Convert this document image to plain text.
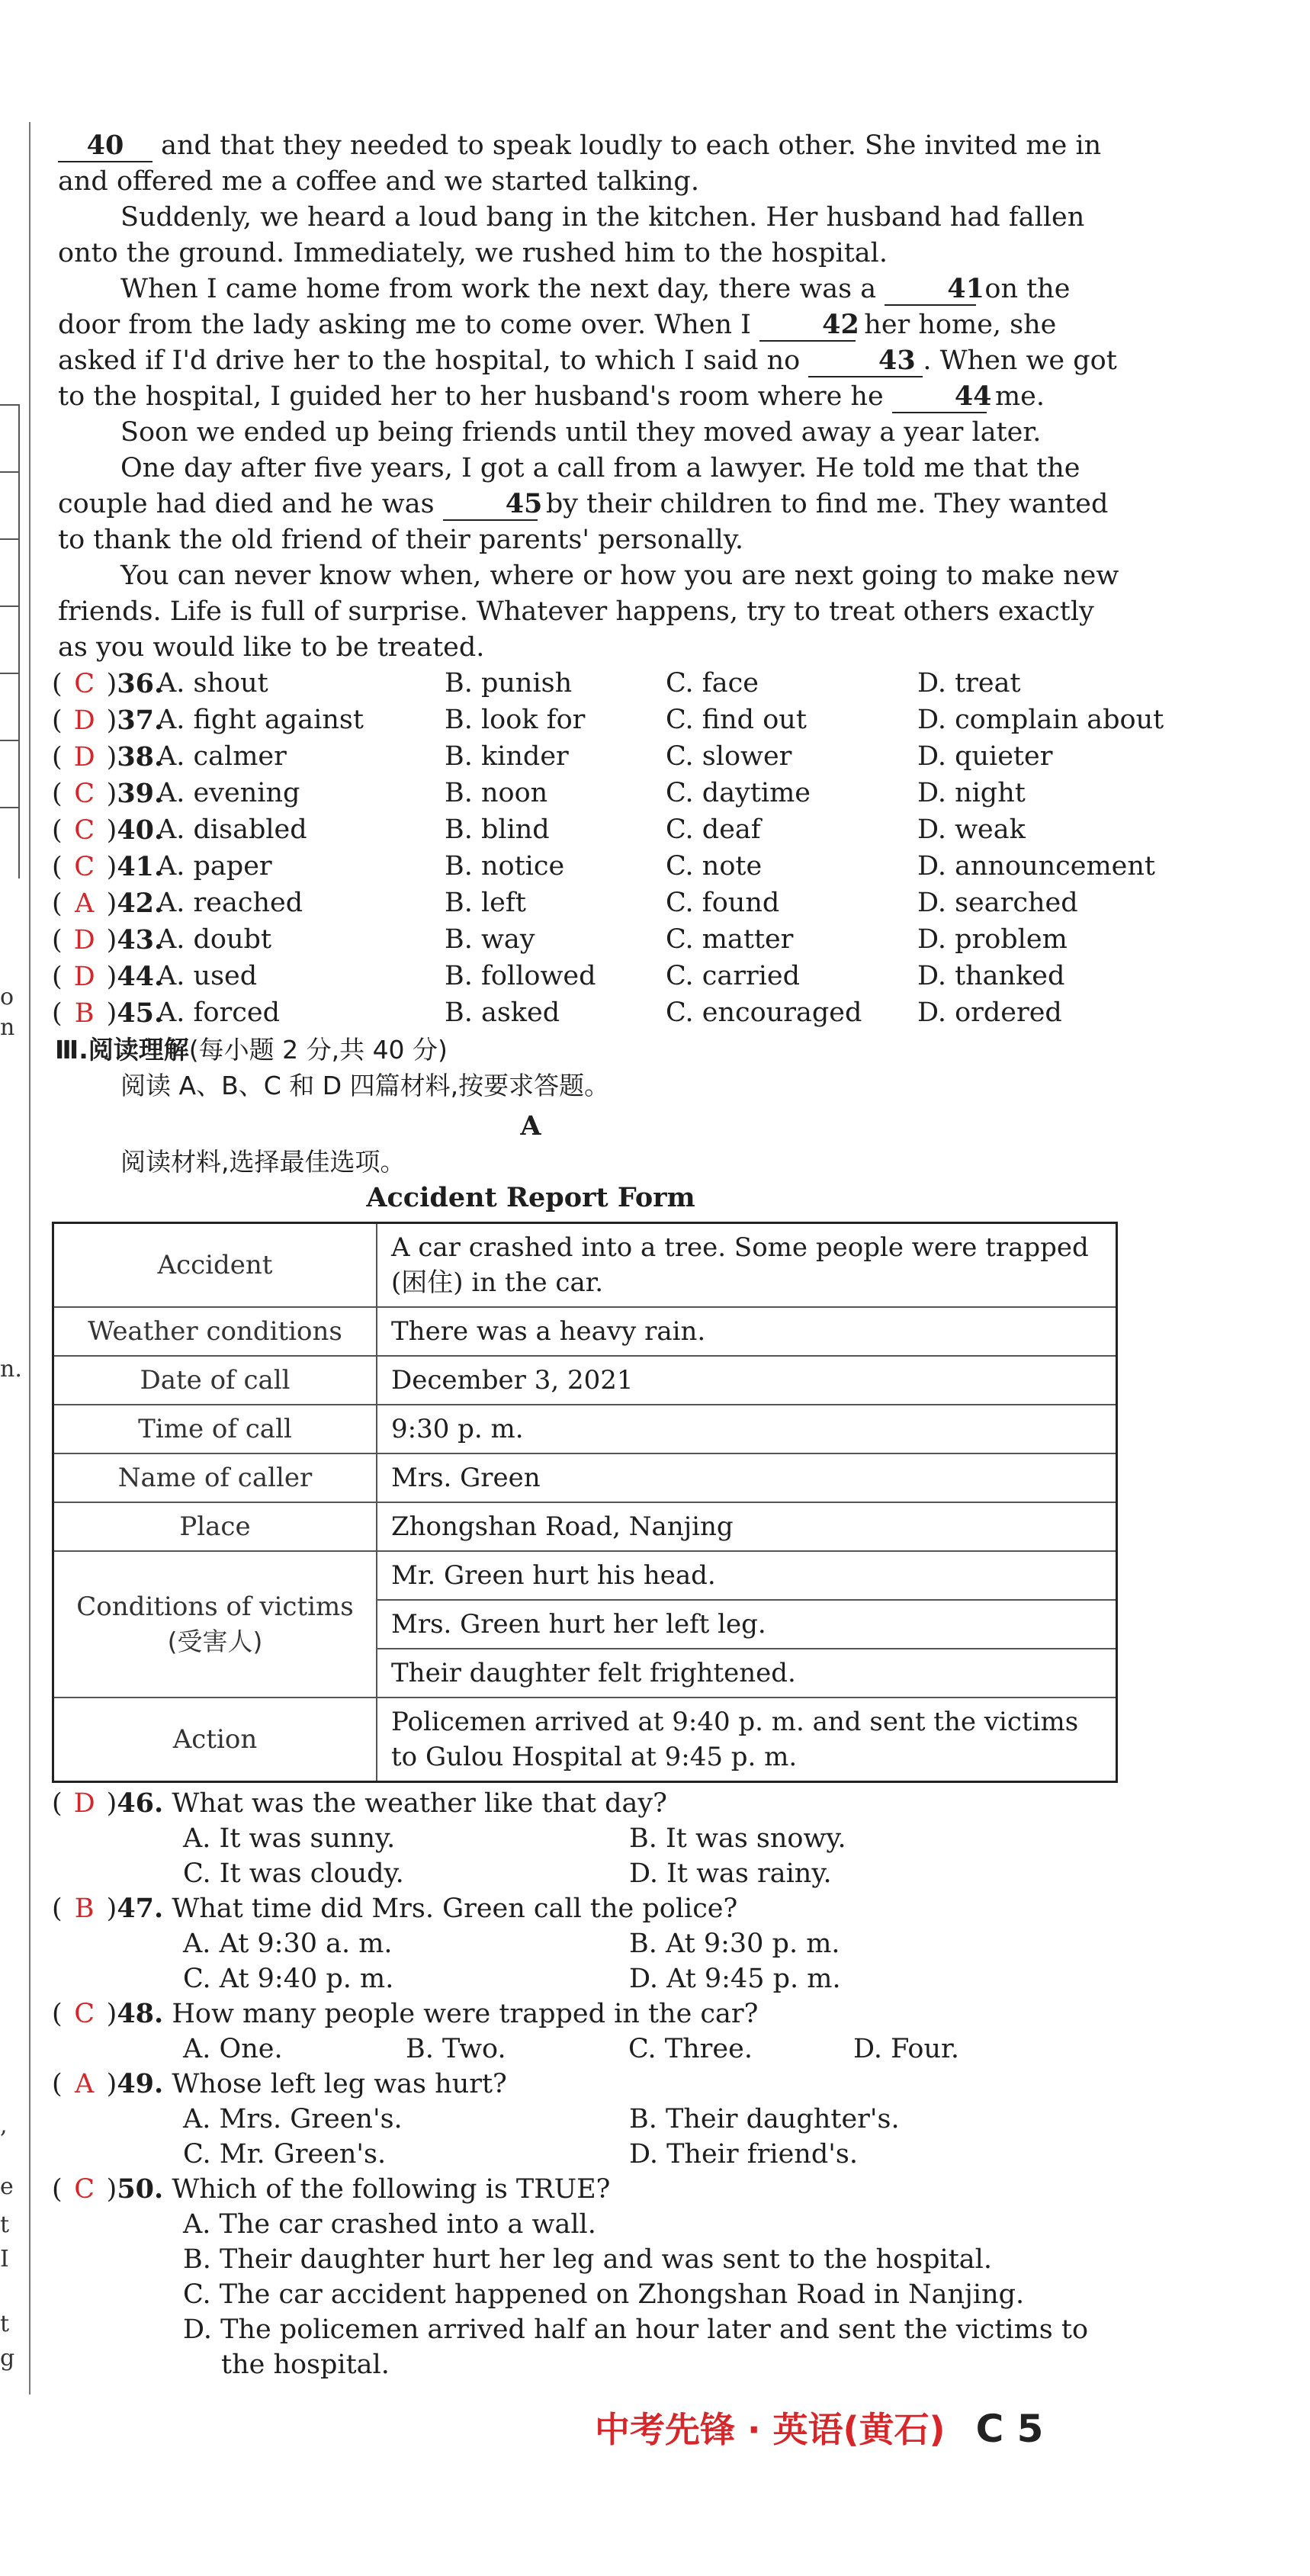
o
n
n.
,
e
t
I
t
g

40 and that they needed to speak loudly to each other. She invited me in and offered me a coffee and we started talking.

Suddenly, we heard a loud bang in the kitchen. Her husband had fallen onto the ground. Immediately, we rushed him to the hospital.

When I came home from work the next day, there was a	41 on the door from the lady asking me to come over. When I	42 her home, she asked if I'd drive her to the hospital, to which I said no	43 . When we got to the hospital, I guided her to her husband's room where he	44 me.

Soon we ended up being friends until they moved away a year later.

One day after five years, I got a call from a lawyer. He told me that the couple had died and he was	45 by their children to find me. They wanted to thank the old friend of their parents' personally.

You can never know when, where or how you are next going to make new friends. Life is full of surprise. Whatever happens, try to treat others exactly as you would like to be treated.

( C )36.
A. shout	B. punish	C. face	D. treat
( D )37.
A. fight against	B. look for	C. find out	D. complain about
( D )38.
A. calmer	B. kinder	C. slower	D. quieter
( C )39.
A. evening	B. noon	C. daytime	D. night
( C )40.
A. disabled	B. blind	C. deaf	D. weak
( C )41.
A. paper	B. notice	C. note	D. announcement
( A )42.
A. reached	B. left	C. found	D. searched
( D )43.
A. doubt	B. way	C. matter	D. problem
( D )44.
A. used	B. followed	C. carried	D. thanked
( B )45.
A. forced	B. asked	C. encouraged	D. ordered

Ⅲ.阅读理解(每小题 2 分,共 40 分)

阅读 A、B、C 和 D 四篇材料,按要求答题。

A

阅读材料,选择最佳选项。

Accident Report Form

Accident	A car crashed into a tree. Some people were trapped (困住) in the car.
Weather conditions	There was a heavy rain.
Date of call	December 3, 2021
Time of call	9:30 p. m.
Name of caller	Mrs. Green
Place	Zhongshan Road, Nanjing

Conditions of victims
(受害人)	Mr. Green hurt his head.
	Mrs. Green hurt her left leg.
	Their daughter felt frightened.
Action	Policemen arrived at 9:40 p. m. and sent the victims to Gulou Hospital at 9:45 p. m.

( D )46. What was the weather like that day?

A. It was sunny.	B. It was snowy.
C. It was cloudy.	D. It was rainy.

( B )47. What time did Mrs. Green call the police?

A. At 9:30 a. m.	B. At 9:30 p. m.
C. At 9:40 p. m.	D. At 9:45 p. m.

( C )48. How many people were trapped in the car?

A. One.	B. Two.	C. Three.	D. Four.

( A )49. Whose left leg was hurt?

A. Mrs. Green's.	B. Their daughter's.
C. Mr. Green's.	D. Their friend's.

( C )50. Which of the following is TRUE?

A. The car crashed into a wall.
B. Their daughter hurt her leg and was sent to the hospital.
C. The car accident happened on Zhongshan Road in Nanjing.
D. The policemen arrived half an hour later and sent the victims to the hospital.
中考先锋 · 英语(黄石) C 5
